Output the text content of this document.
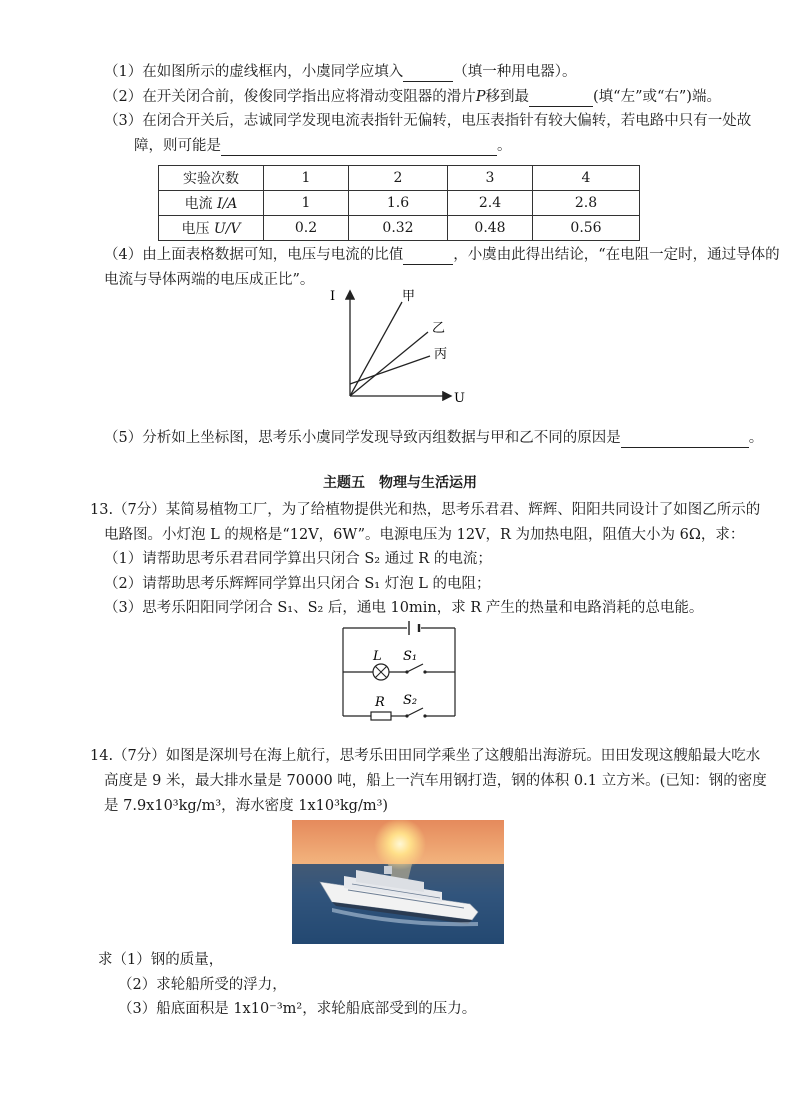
（1）在如图所示的虚线框内，小虞同学应填入	（填一种用电器）。
（2）在开关闭合前，俊俊同学指出应将滑动变阻器的滑片P移到最	(填“左”或“右”)端。
（3）在闭合开关后，志诚同学发现电流表指针无偏转，电压表指针有较大偏转，若电路中只有一处故
障，则可能是	。
实验次数	1	2	3	4
电流 I/A	1	1.6	2.4	2.8
电压 U/V	0.2	0.32	0.48	0.56
（4）由上面表格数据可知，电压与电流的比值	，小虞由此得出结论，“在电阻一定时，通过导体的
电流与导体两端的电压成正比”。
I
U
甲
乙
丙
（5）分析如上坐标图，思考乐小虞同学发现导致丙组数据与甲和乙不同的原因是	。
主题五　物理与生活运用
13.（7分）某简易植物工厂，为了给植物提供光和热，思考乐君君、辉辉、阳阳共同设计了如图乙所示的
电路图。小灯泡 L 的规格是“12V，6W”。电源电压为 12V，R 为加热电阻，阻值大小为 6Ω，求：
（1）请帮助思考乐君君同学算出只闭合 S₂ 通过 R 的电流；
（2）请帮助思考乐辉辉同学算出只闭合 S₁ 灯泡 L 的电阻；
（3）思考乐阳阳同学闭合 S₁、S₂ 后，通电 10min，求 R 产生的热量和电路消耗的总电能。
L S₁
R S₂
14.（7分）如图是深圳号在海上航行，思考乐田田同学乘坐了这艘船出海游玩。田田发现这艘船最大吃水
高度是 9 米，最大排水量是 70000 吨，船上一汽车用钢打造，钢的体积 0.1 立方米。(已知：钢的密度
是 7.9x10³kg/m³，海水密度 1x10³kg/m³)
求（1）钢的质量，
（2）求轮船所受的浮力，
（3）船底面积是 1x10⁻³m²，求轮船底部受到的压力。
